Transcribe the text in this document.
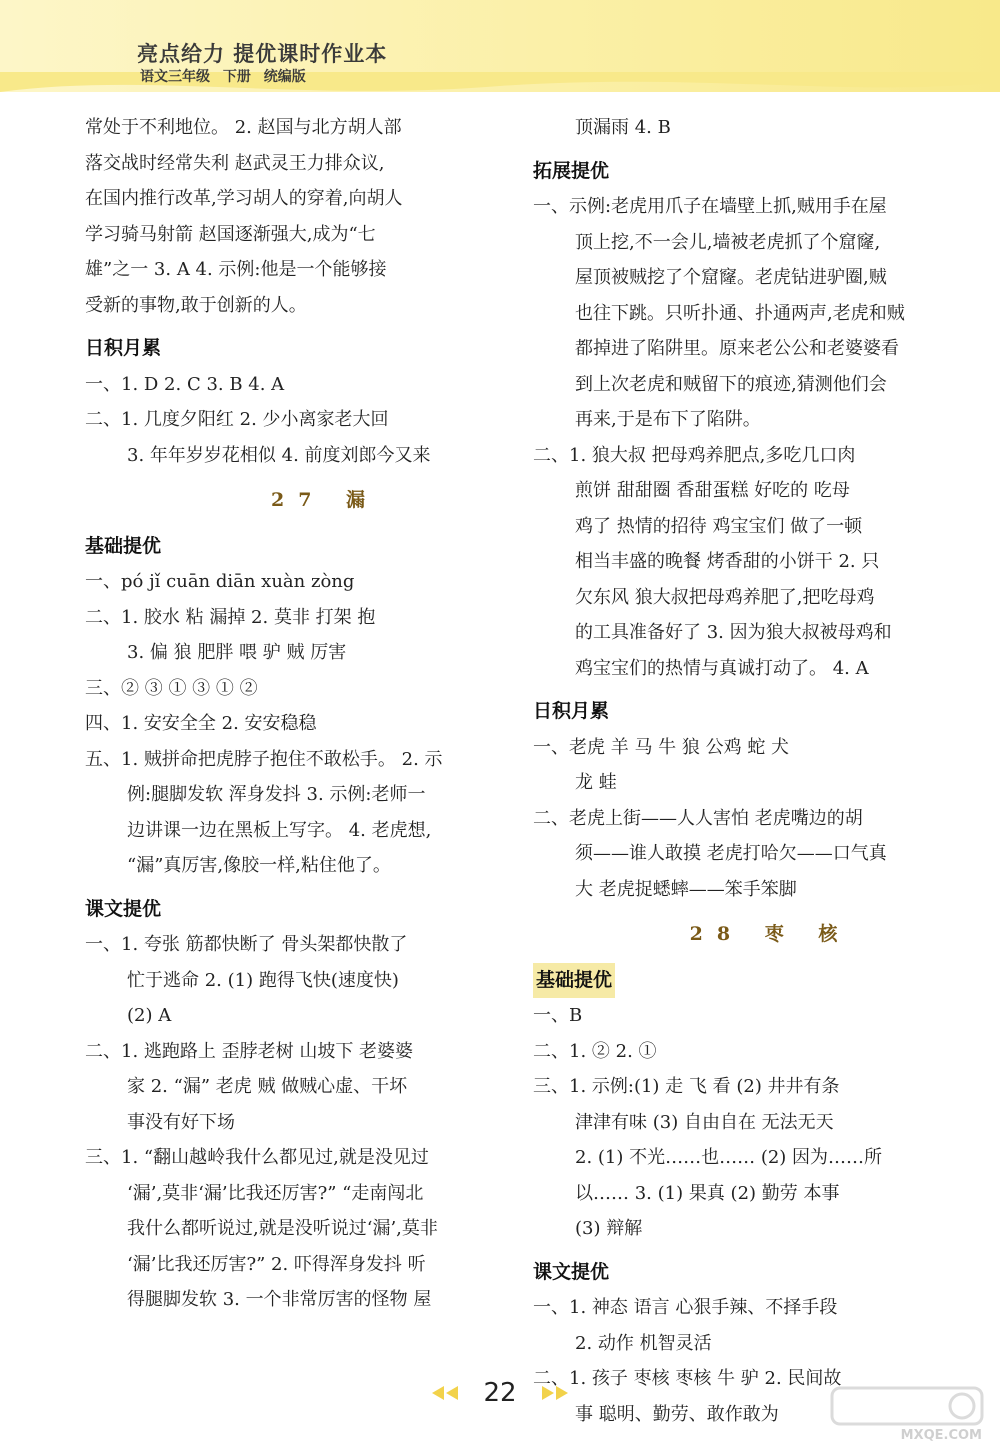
亮点给力 提优课时作业本
语文三年级 下册 统编版
常处于不利地位。 2. 赵国与北方胡人部
落交战时经常失利 赵武灵王力排众议,
在国内推行改革,学习胡人的穿着,向胡人
学习骑马射箭 赵国逐渐强大,成为“七
雄”之一 3. A 4. 示例:他是一个能够接
受新的事物,敢于创新的人。
日积月累
一、1. D 2. C 3. B 4. A
二、1. 几度夕阳红 2. 少小离家老大回
3. 年年岁岁花相似 4. 前度刘郎今又来
27 漏
基础提优
一、pó jǐ cuān diān xuàn zòng
二、1. 胶水 粘 漏掉 2. 莫非 打架 抱
3. 偏 狼 肥胖 喂 驴 贼 厉害
三、② ③ ① ③ ① ②
四、1. 安安全全 2. 安安稳稳
五、1. 贼拼命把虎脖子抱住不敢松手。 2. 示
例:腿脚发软 浑身发抖 3. 示例:老师一
边讲课一边在黑板上写字。 4. 老虎想,
“漏”真厉害,像胶一样,粘住他了。
课文提优
一、1. 夸张 筋都快断了 骨头架都快散了
忙于逃命 2. (1) 跑得飞快(速度快)
(2) A
二、1. 逃跑路上 歪脖老树 山坡下 老婆婆
家 2. “漏” 老虎 贼 做贼心虚、干坏
事没有好下场
三、1. “翻山越岭我什么都见过,就是没见过
‘漏’,莫非‘漏’比我还厉害?” “走南闯北
我什么都听说过,就是没听说过‘漏’,莫非
‘漏’比我还厉害?” 2. 吓得浑身发抖 听
得腿脚发软 3. 一个非常厉害的怪物 屋
顶漏雨 4. B
拓展提优
一、示例:老虎用爪子在墙壁上抓,贼用手在屋
顶上挖,不一会儿,墙被老虎抓了个窟窿,
屋顶被贼挖了个窟窿。老虎钻进驴圈,贼
也往下跳。只听扑通、扑通两声,老虎和贼
都掉进了陷阱里。原来老公公和老婆婆看
到上次老虎和贼留下的痕迹,猜测他们会
再来,于是布下了陷阱。
二、1. 狼大叔 把母鸡养肥点,多吃几口肉
煎饼 甜甜圈 香甜蛋糕 好吃的 吃母
鸡了 热情的招待 鸡宝宝们 做了一顿
相当丰盛的晚餐 烤香甜的小饼干 2. 只
欠东风 狼大叔把母鸡养肥了,把吃母鸡
的工具准备好了 3. 因为狼大叔被母鸡和
鸡宝宝们的热情与真诚打动了。 4. A
日积月累
一、老虎 羊 马 牛 狼 公鸡 蛇 犬
龙 蛙
二、老虎上街——人人害怕 老虎嘴边的胡
须——谁人敢摸 老虎打哈欠——口气真
大 老虎捉蟋蟀——笨手笨脚
28 枣 核
基础提优
一、B
二、1. ② 2. ①
三、1. 示例:(1) 走 飞 看 (2) 井井有条
津津有味 (3) 自由自在 无法无天
2. (1) 不光……也…… (2) 因为……所
以…… 3. (1) 果真 (2) 勤劳 本事
(3) 辩解
课文提优
一、1. 神态 语言 心狠手辣、不择手段
2. 动作 机智灵活
二、1. 孩子 枣核 枣核 牛 驴 2. 民间故
事 聪明、勤劳、敢作敢为
22
MXQE.COM
